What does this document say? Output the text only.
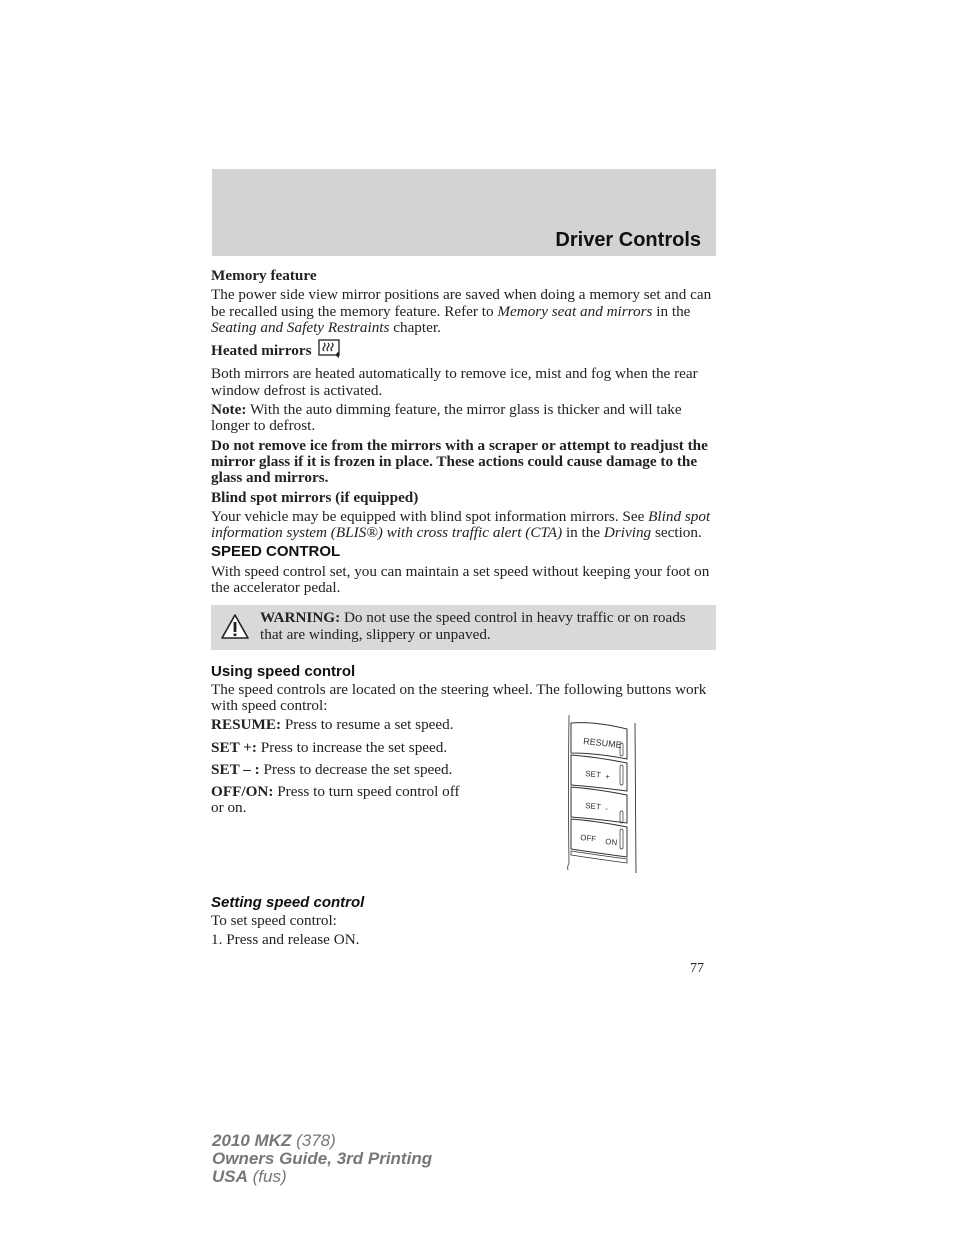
Driver Controls

Memory feature

The power side view mirror positions are saved when doing a memory set and can be recalled using the memory feature. Refer to Memory seat and mirrors in the Seating and Safety Restraints chapter.

Heated mirrors

Both mirrors are heated automatically to remove ice, mist and fog when the rear window defrost is activated.

Note: With the auto dimming feature, the mirror glass is thicker and will take longer to defrost.

Do not remove ice from the mirrors with a scraper or attempt to readjust the mirror glass if it is frozen in place. These actions could cause damage to the glass and mirrors.

Blind spot mirrors (if equipped)

Your vehicle may be equipped with blind spot information mirrors. See Blind spot information system (BLIS®) with cross traffic alert (CTA) in the Driving section.

SPEED CONTROL

With speed control set, you can maintain a set speed without keeping your foot on the accelerator pedal.

WARNING: Do not use the speed control in heavy traffic or on roads that are winding, slippery or unpaved.

Using speed control

The speed controls are located on the steering wheel. The following buttons work with speed control:

RESUME: Press to resume a set speed.

SET +: Press to increase the set speed.

SET – : Press to decrease the set speed.

OFF/ON: Press to turn speed control off or on.

RESUME
SET +
SET -
OFF ON

Setting speed control

To set speed control:

1. Press and release ON.

77
2010 MKZ (378)
Owners Guide, 3rd Printing
USA (fus)
